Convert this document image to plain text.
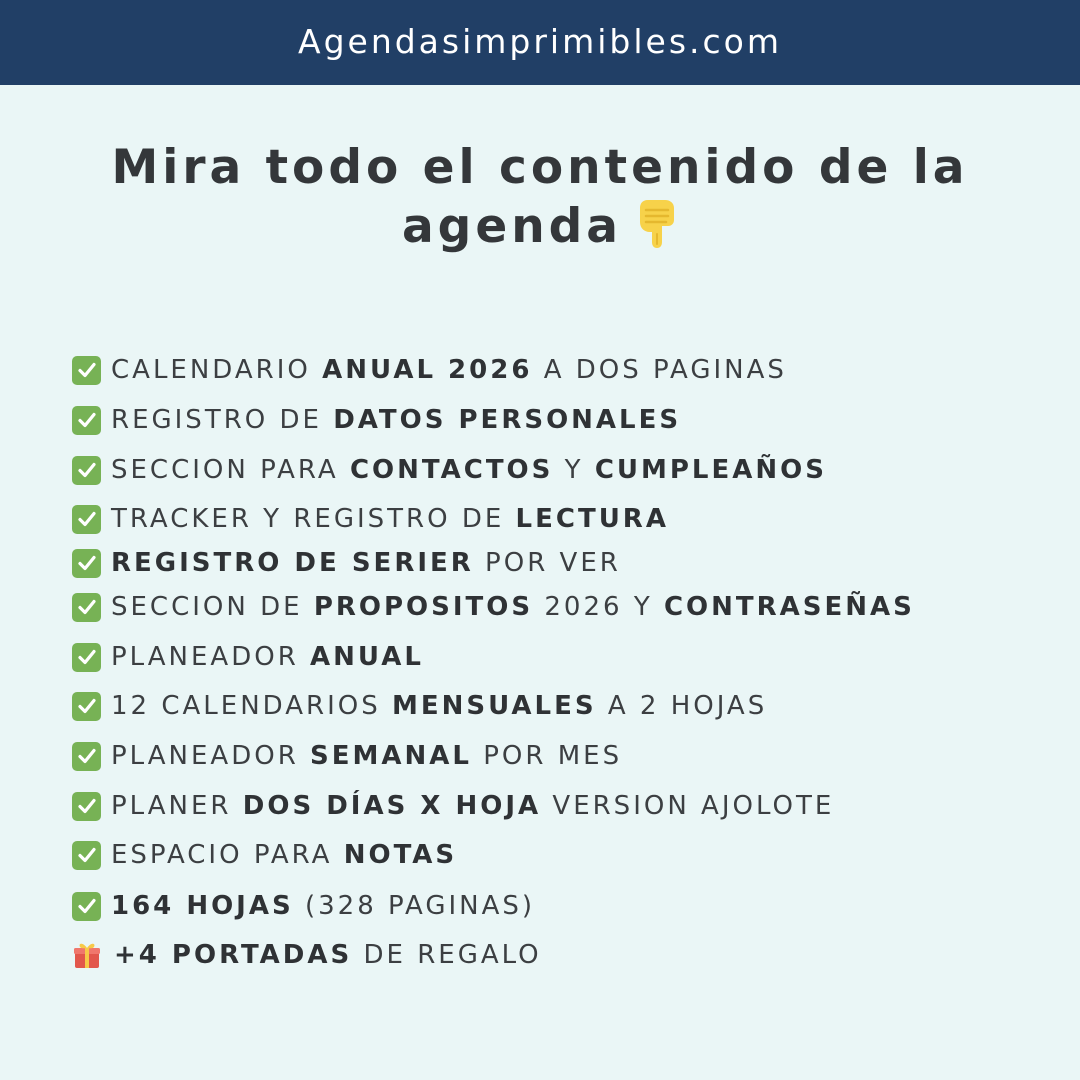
Agendasimprimibles.com
Mira todo el contenido de la
agenda
CALENDARIO ANUAL 2026 A DOS PAGINAS
REGISTRO DE DATOS PERSONALES
SECCION PARA CONTACTOS Y CUMPLEAÑOS
TRACKER Y REGISTRO DE LECTURA
REGISTRO DE SERIER POR VER
SECCION DE PROPOSITOS 2026 Y CONTRASEÑAS
PLANEADOR ANUAL
12 CALENDARIOS MENSUALES A 2 HOJAS
PLANEADOR SEMANAL POR MES
PLANER DOS DÍAS X HOJA VERSION AJOLOTE
ESPACIO PARA NOTAS
164 HOJAS (328 PAGINAS)
+4 PORTADAS DE REGALO
